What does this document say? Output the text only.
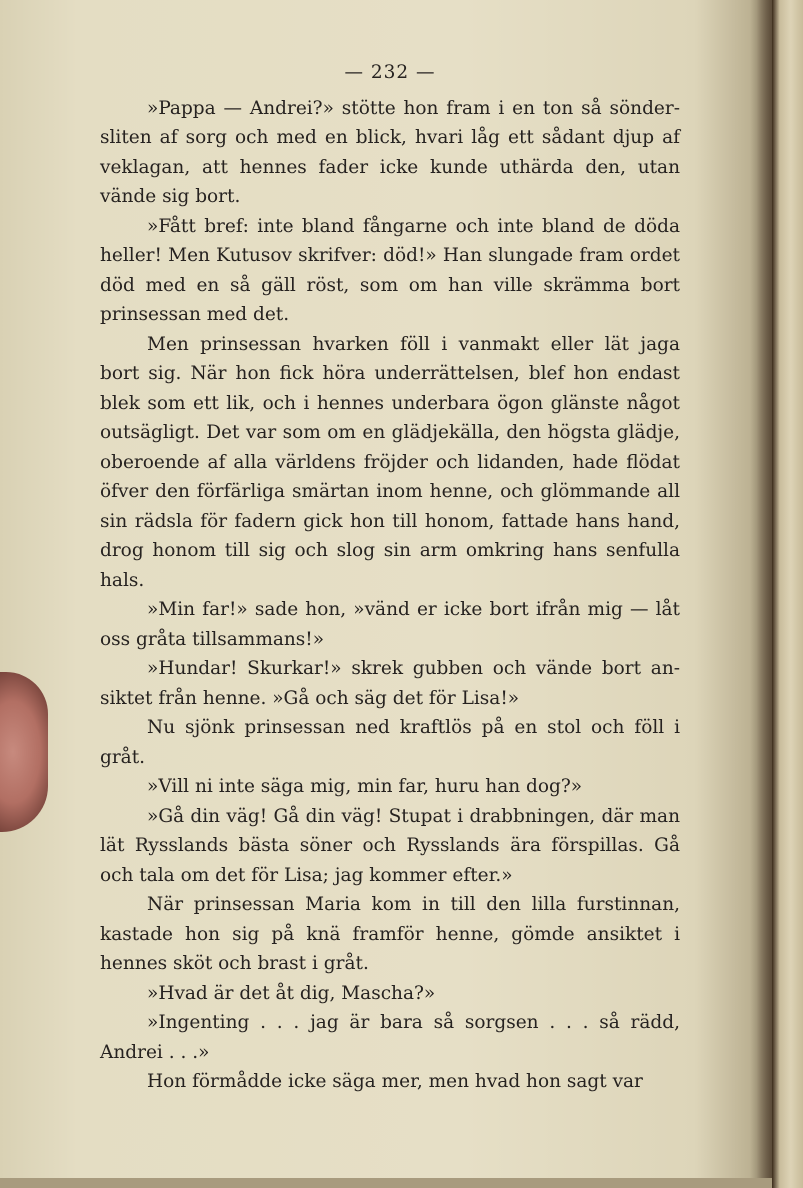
— 232 —

»Pappa — Andrei?» stötte hon fram i en ton så söndersliten af sorg och med en blick, hvari låg ett sådant djup af veklagan, att hennes fader icke kunde uthärda den, utan vände sig bort.

»Fått bref: inte bland fångarne och inte bland de döda heller! Men Kutusov skrifver: död!» Han slungade fram ordet död med en så gäll röst, som om han ville skrämma bort prinsessan med det.

Men prinsessan hvarken föll i vanmakt eller lät jaga bort sig. När hon fick höra underrättelsen, blef hon endast blek som ett lik, och i hennes underbara ögon glänste något outsägligt. Det var som om en glädjekälla, den högsta glädje, oberoende af alla världens fröjder och lidanden, hade flödat öfver den förfärliga smärtan inom henne, och glömmande all sin rädsla för fadern gick hon till honom, fattade hans hand, drog honom till sig och slog sin arm omkring hans senfulla hals.

»Min far!» sade hon, »vänd er icke bort ifrån mig — låt oss gråta tillsammans!»

»Hundar! Skurkar!» skrek gubben och vände bort ansiktet från henne. »Gå och säg det för Lisa!»

Nu sjönk prinsessan ned kraftlös på en stol och föll i gråt.

»Vill ni inte säga mig, min far, huru han dog?»

»Gå din väg! Gå din väg! Stupat i drabbningen, där man lät Rysslands bästa söner och Rysslands ära förspillas. Gå och tala om det för Lisa; jag kommer efter.»

När prinsessan Maria kom in till den lilla furstinnan, kastade hon sig på knä framför henne, gömde ansiktet i hennes sköt och brast i gråt.

»Hvad är det åt dig, Mascha?»

»Ingenting . . . jag är bara så sorgsen . . . så rädd, Andrei . . .»

Hon förmådde icke säga mer, men hvad hon sagt var
